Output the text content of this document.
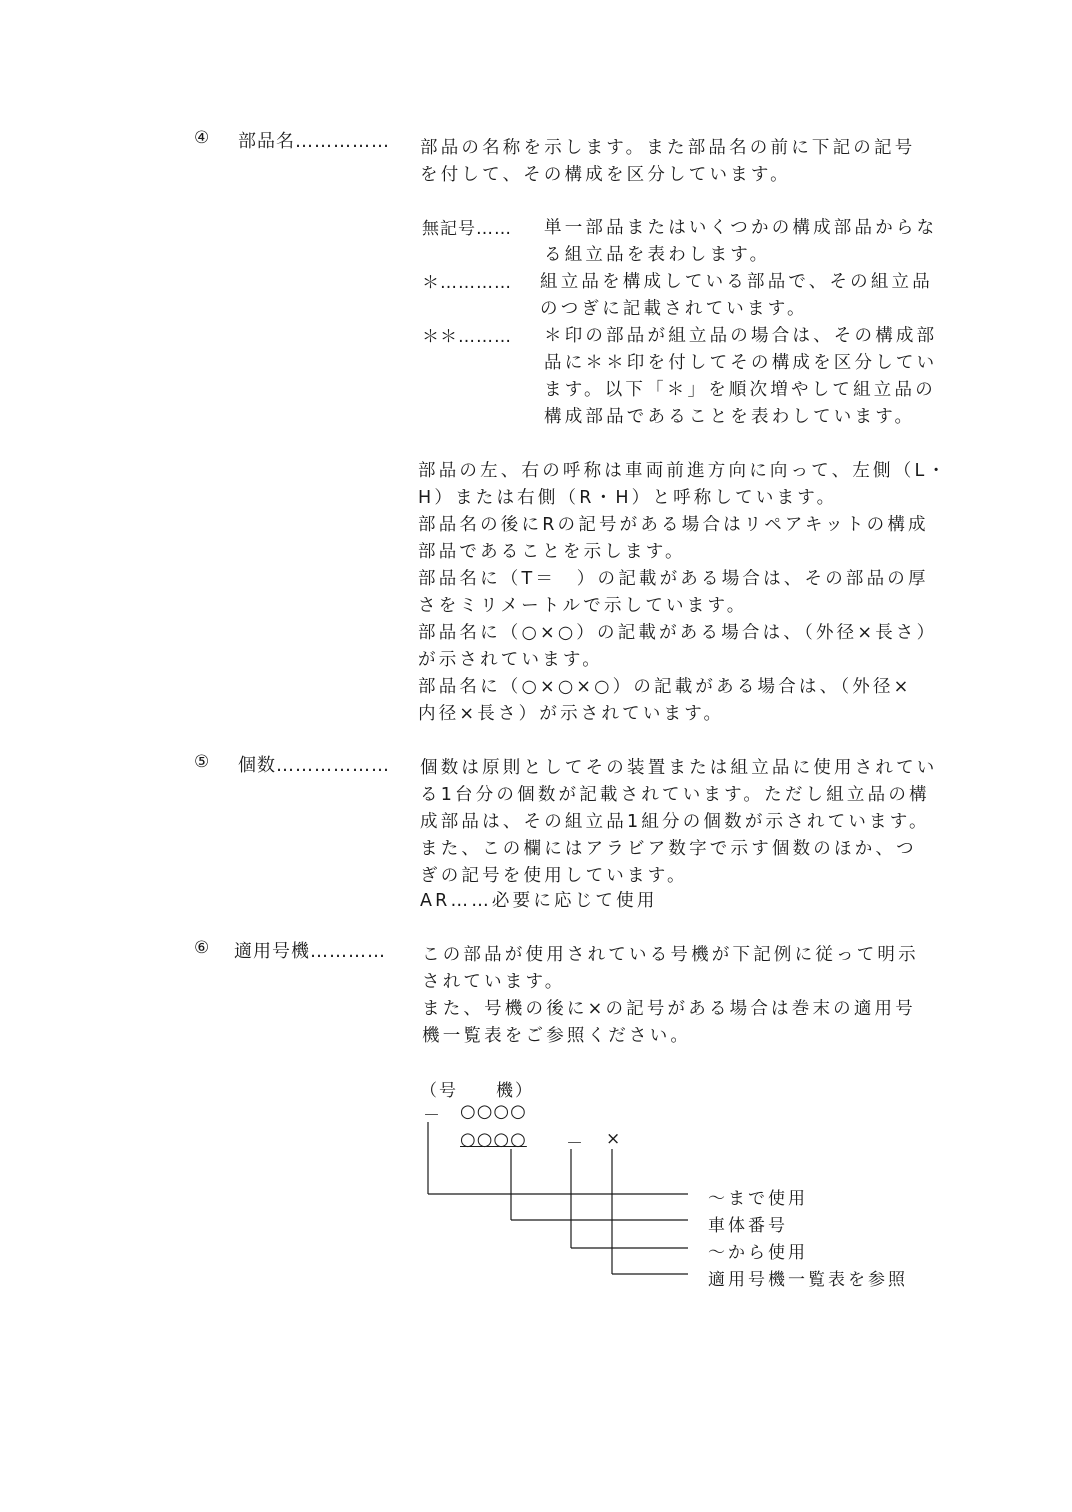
④ 部品名…………… 部品の名称を示します。また部品名の前に下記の記号
を付して、その構成を区分しています。
無記号…… 単一部品またはいくつかの構成部品からな
る組立品を表わします。
＊………… 組立品を構成している部品で、その組立品
のつぎに記載されています。
＊＊……… ＊印の部品が組立品の場合は、その構成部
品に＊＊印を付してその構成を区分してい
ます。以下「＊」を順次増やして組立品の
構成部品であることを表わしています。
部品の左、右の呼称は車両前進方向に向って、左側（L・
H）または右側（R・H）と呼称しています。
部品名の後にRの記号がある場合はリペアキットの構成
部品であることを示します。
部品名に（T＝　）の記載がある場合は、その部品の厚
さをミリメートルで示しています。
部品名に（○×○）の記載がある場合は、（外径×長さ）
が示されています。
部品名に（○×○×○）の記載がある場合は、（外径×
内径×長さ）が示されています。
⑤ 個数……………… 個数は原則としてその装置または組立品に使用されてい
る1台分の個数が記載されています。ただし組立品の構
成部品は、その組立品1組分の個数が示されています。
また、この欄にはアラビア数字で示す個数のほか、つ
ぎの記号を使用しています。
AR……必要に応じて使用
⑥ 適用号機………… この部品が使用されている号機が下記例に従って明示
されています。
また、号機の後に×の記号がある場合は巻末の適用号
機一覧表をご参照ください。
（号　　機）
－ ○○○○
○○○○ － ×
～まで使用
車体番号
～から使用
適用号機一覧表を参照
